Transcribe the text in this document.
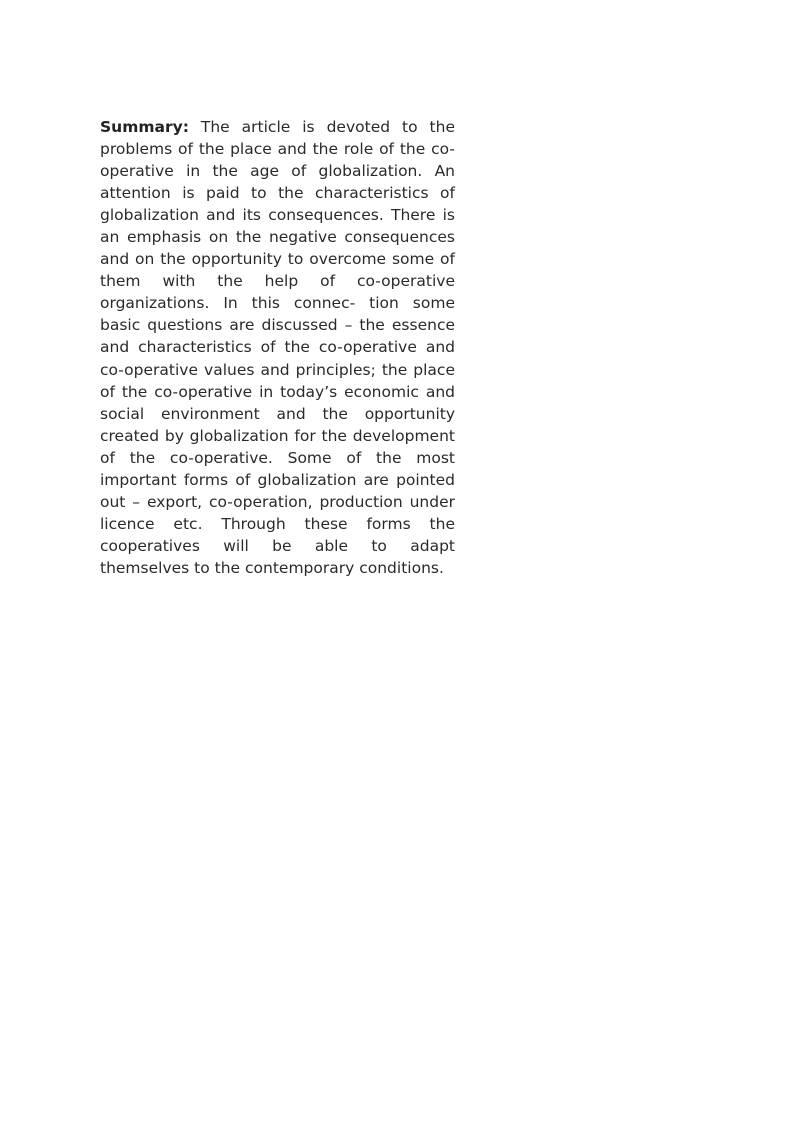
Summary: The article is devoted to the problems of the place and the role of the co-operative in the age of globalization. An attention is paid to the characteristics of globalization and its consequences. There is an emphasis on the negative consequences and on the opportunity to overcome some of them with the help of co-operative organizations. In this connec- tion some basic questions are discussed – the essence and characteristics of the co-operative and co-operative values and principles; the place of the co-operative in today’s economic and social environment and the opportunity created by globalization for the development of the co-operative. Some of the most important forms of globalization are pointed out – export, co-operation, production under licence etc. Through these forms the cooperatives will be able to adapt themselves to the contemporary conditions.
